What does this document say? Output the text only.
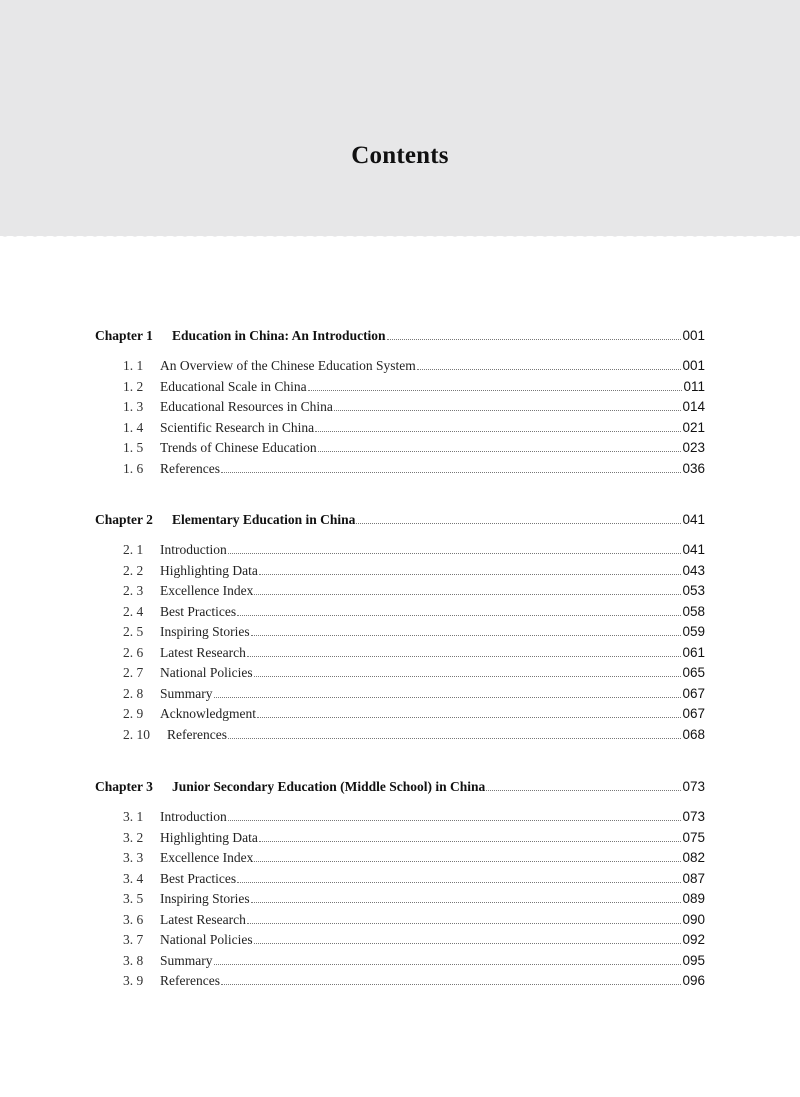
Contents
Chapter 1	Education in China: An Introduction	001
1. 1	An Overview of the Chinese Education System	001
1. 2	Educational Scale in China	011
1. 3	Educational Resources in China	014
1. 4	Scientific Research in China	021
1. 5	Trends of Chinese Education	023
1. 6	References	036
Chapter 2	Elementary Education in China	041
2. 1	Introduction	041
2. 2	Highlighting Data	043
2. 3	Excellence Index	053
2. 4	Best Practices	058
2. 5	Inspiring Stories	059
2. 6	Latest Research	061
2. 7	National Policies	065
2. 8	Summary	067
2. 9	Acknowledgment	067
2. 10	References	068
Chapter 3	Junior Secondary Education (Middle School) in China	073
3. 1	Introduction	073
3. 2	Highlighting Data	075
3. 3	Excellence Index	082
3. 4	Best Practices	087
3. 5	Inspiring Stories	089
3. 6	Latest Research	090
3. 7	National Policies	092
3. 8	Summary	095
3. 9	References	096
